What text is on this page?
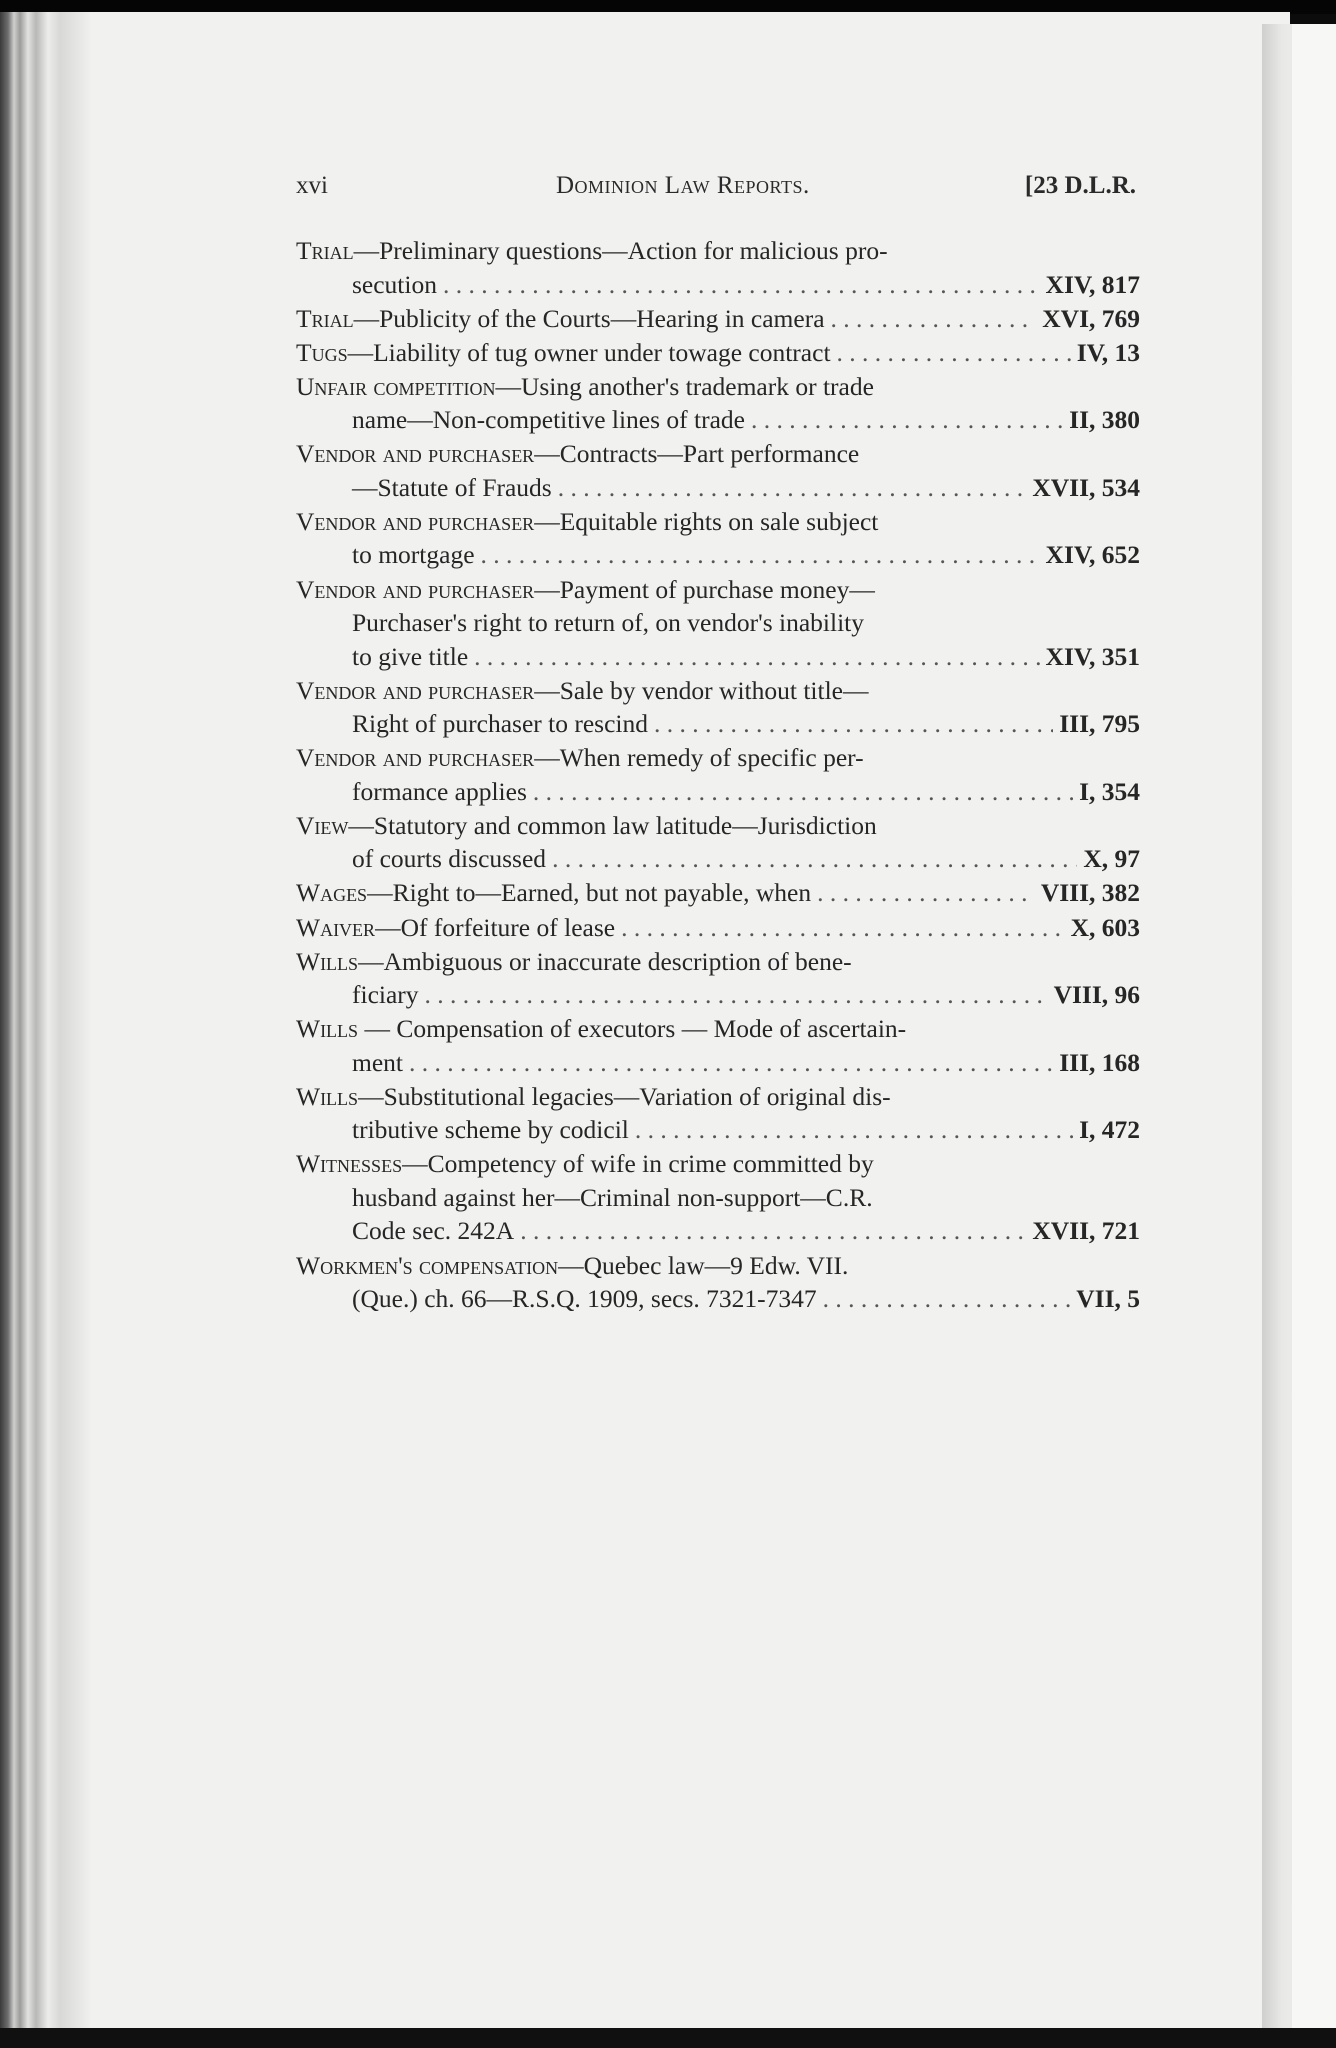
xvi	Dominion Law Reports.	[23 D.L.R.
Trial—Preliminary questions—Action for malicious pro-
secution . . .	XIV, 817
Trial—Publicity of the Courts—Hearing in camera . . .	XVI, 769
Tugs—Liability of tug owner under towage contract . . .	IV, 13
Unfair competition—Using another's trademark or trade
name—Non-competitive lines of trade . . .	II, 380
Vendor and purchaser—Contracts—Part performance
—Statute of Frauds . . .	XVII, 534
Vendor and purchaser—Equitable rights on sale subject
to mortgage . . .	XIV, 652
Vendor and purchaser—Payment of purchase money—
Purchaser's right to return of, on vendor's inability
to give title . . .	XIV, 351
Vendor and purchaser—Sale by vendor without title—
Right of purchaser to rescind . . .	III, 795
Vendor and purchaser—When remedy of specific per-
formance applies . . .	I, 354
View—Statutory and common law latitude—Jurisdiction
of courts discussed . . .	X, 97
Wages—Right to—Earned, but not payable, when . . .	VIII, 382
Waiver—Of forfeiture of lease . . .	X, 603
Wills—Ambiguous or inaccurate description of bene-
ficiary . . .	VIII, 96
Wills — Compensation of executors — Mode of ascertain-
ment . . .	III, 168
Wills—Substitutional legacies—Variation of original dis-
tributive scheme by codicil . . .	I, 472
Witnesses—Competency of wife in crime committed by
husband against her—Criminal non-support—C.R.
Code sec. 242A . . .	XVII, 721
Workmen's compensation—Quebec law—9 Edw. VII.
(Que.) ch. 66—R.S.Q. 1909, secs. 7321-7347 . . .	VII, 5
